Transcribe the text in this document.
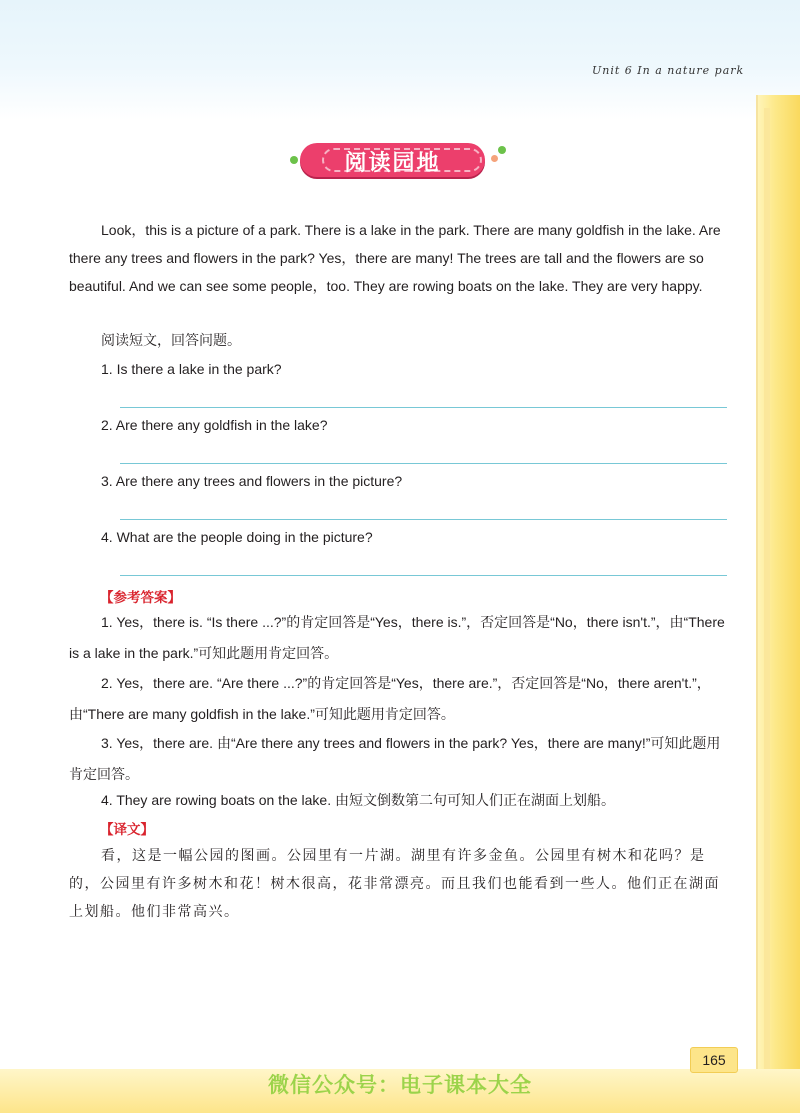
Unit 6 In a nature park
阅读园地
Look，this is a picture of a park. There is a lake in the park. There are many goldfish in the lake. Are there any trees and flowers in the park? Yes，there are many! The trees are tall and the flowers are so beautiful. And we can see some people，too. They are rowing boats on the lake. They are very happy.
阅读短文，回答问题。
1. Is there a lake in the park?
2. Are there any goldfish in the lake?
3. Are there any trees and flowers in the picture?
4. What are the people doing in the picture?
【参考答案】
1. Yes，there is. “Is there ...?”的肯定回答是“Yes，there is.”，否定回答是“No，there isn't.”，由“There is a lake in the park.”可知此题用肯定回答。
2. Yes，there are. “Are there ...?”的肯定回答是“Yes，there are.”，否定回答是“No，there aren't.”，由“There are many goldfish in the lake.”可知此题用肯定回答。
3. Yes，there are. 由“Are there any trees and flowers in the park? Yes，there are many!”可知此题用肯定回答。
4. They are rowing boats on the lake. 由短文倒数第二句可知人们正在湖面上划船。
【译文】
看，这是一幅公园的图画。公园里有一片湖。湖里有许多金鱼。公园里有树木和花吗？是的，公园里有许多树木和花！树木很高，花非常漂亮。而且我们也能看到一些人。他们正在湖面上划船。他们非常高兴。
165
微信公众号：电子课本大全
